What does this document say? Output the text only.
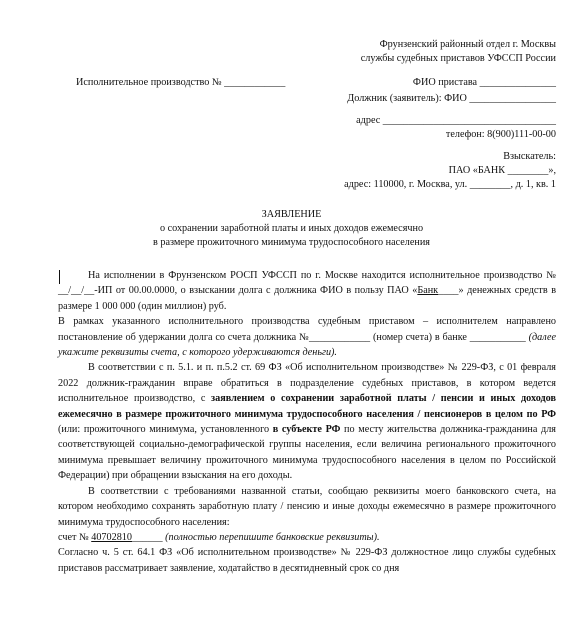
Фрунзенский районный отдел г. Москвы
службы судебных приставов УФССП России
Исполнительное производство № ____________	ФИО пристава _______________
Должник (заявитель): ФИО _________________
адрес __________________________________
телефон: 8(900)111-00-00
Взыскатель:
ПАО «БАНК ________»,
адрес: 110000, г. Москва, ул. ________, д. 1, кв. 1
ЗАЯВЛЕНИЕ
о сохранении заработной платы и иных доходов ежемесячно
в размере прожиточного минимума трудоспособного населения

На исполнении в Фрунзенском РОСП УФССП по г. Москве находится исполнительное производство № __/__/__-ИП от 00.00.0000, о взыскании долга с должника ФИО в пользу ПАО «Банк____» денежных средств в размере 1 000 000 (один миллион) руб.

В рамках указанного исполнительного производства судебным приставом – исполнителем направлено постановление об удержании долга со счета должника №____________ (номер счета) в банке ___________ (далее укажите реквизиты счета, с которого удерживаются деньги).

В соответствии с п. 5.1. и п. п.5.2 ст. 69 ФЗ «Об исполнительном производстве» № 229-ФЗ, с 01 февраля 2022 должник-гражданин вправе обратиться в подразделение судебных приставов, в котором ведется исполнительное производство, с заявлением о сохранении заработной платы / пенсии и иных доходов ежемесячно в размере прожиточного минимума трудоспособного населения / пенсионеров в целом по РФ (или: прожиточного минимума, установленного в субъекте РФ по месту жительства должника-гражданина для соответствующей социально-демографической группы населения, если величина регионального прожиточного минимума превышает величину прожиточного минимума трудоспособного населения в целом по Российской Федерации) при обращении взыскания на его доходы.

В соответствии с требованиями названной статьи, сообщаю реквизиты моего банковского счета, на котором необходимо сохранять заработную плату / пенсию и иные доходы ежемесячно в размере прожиточного минимума трудоспособного населения:

счет № 40702810______ (полностью перепишите банковские реквизиты).

Согласно ч. 5 ст. 64.1 ФЗ «Об исполнительном производстве» № 229-ФЗ должностное лицо службы судебных приставов рассматривает заявление, ходатайство в десятидневный срок со дня
